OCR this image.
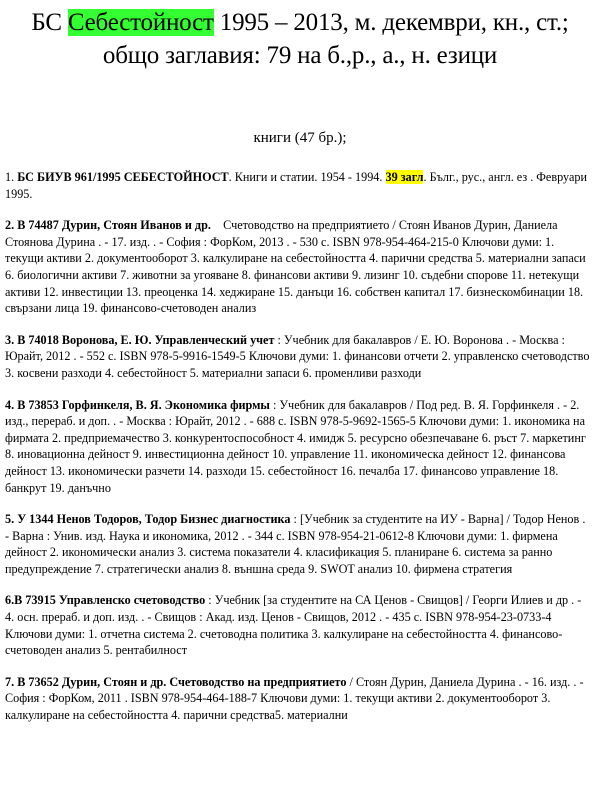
БС Себестойност 1995 – 2013, м. декември, кн., ст.;
общо заглавия: 79 на б.,р., а., н. езици
книги (47 бр.);
1. БС БИУВ 961/1995 СЕБЕСТОЙНОСТ. Книги и статии. 1954 - 1994. 39 загл. Бълг., рус., англ. ез . Февруари 1995.
2. B 74487 Дурин, Стоян Иванов и др. Счетоводство на предприятието / Стоян Иванов Дурин, Даниела Стоянова Дурина . - 17. изд. . - София : ФорКом, 2013 . - 530 с. ISBN 978-954-464-215-0 Ключови думи: 1. текущи активи 2. документооборот 3. калкулиране на себестойността 4. парични средства 5. материални запаси 6. биологични активи 7. животни за угояване 8. финансови активи 9. лизинг 10. съдебни спорове 11. нетекущи активи 12. инвестиции 13. преоценка 14. хеджиране 15. данъци 16. собствен капитал 17. бизнескомбинации 18. свързани лица 19. финансово-счетоводен анализ
3. B 74018 Воронова, Е. Ю. Управленческий учет : Учебник для бакалавров / Е. Ю. Воронова . - Москва : Юрайт, 2012 . - 552 с. ISBN 978-5-9916-1549-5 Ключови думи: 1. финансови отчети 2. управленско счетоводство 3. косвени разходи 4. себестойност 5. материални запаси 6. променливи разходи
4. B 73853 Горфинкеля, В. Я. Экономика фирмы : Учебник для бакалавров / Под ред. В. Я. Горфинкеля . - 2. изд., перераб. и доп. . - Москва : Юрайт, 2012 . - 688 с. ISBN 978-5-9692-1565-5 Ключови думи: 1. икономика на фирмата 2. предприемачество 3. конкурентоспособност 4. имидж 5. ресурсно обезпечаване 6. ръст 7. маркетинг 8. иновационна дейност 9. инвестиционна дейност 10. управление 11. икономическа дейност 12. финансова дейност 13. икономически разчети 14. разходи 15. себестойност 16. печалба 17. финансово управление 18. банкрут 19. данъчно
5. У 1344 Ненов Тодоров, Тодор Бизнес диагностика : [Учебник за студентите на ИУ - Варна] / Тодор Ненов . - Варна : Унив. изд. Наука и икономика, 2012 . - 344 с. ISBN 978-954-21-0612-8 Ключови думи: 1. фирмена дейност 2. икономически анализ 3. система показатели 4. класификация 5. планиране 6. система за ранно предупреждение 7. стратегически анализ 8. външна среда 9. SWOT анализ 10. фирмена стратегия
6.B 73915 Управленско счетоводство : Учебник [за студентите на СА Ценов - Свищов] / Георги Илиев и др . - 4. осн. прераб. и доп. изд. . - Свищов : Акад. изд. Ценов - Свищов, 2012 . - 435 с. ISBN 978-954-23-0733-4 Ключови думи: 1. отчетна система 2. счетоводна политика 3. калкулиране на себестойността 4. финансово-счетоводен анализ 5. рентабилност
7. B 73652 Дурин, Стоян и др. Счетоводство на предприятието / Стоян Дурин, Даниела Дурина . - 16. изд. . - София : ФорКом, 2011 . ISBN 978-954-464-188-7 Ключови думи: 1. текущи активи 2. документооборот 3. калкулиране на себестойността 4. парични средства5. материални
